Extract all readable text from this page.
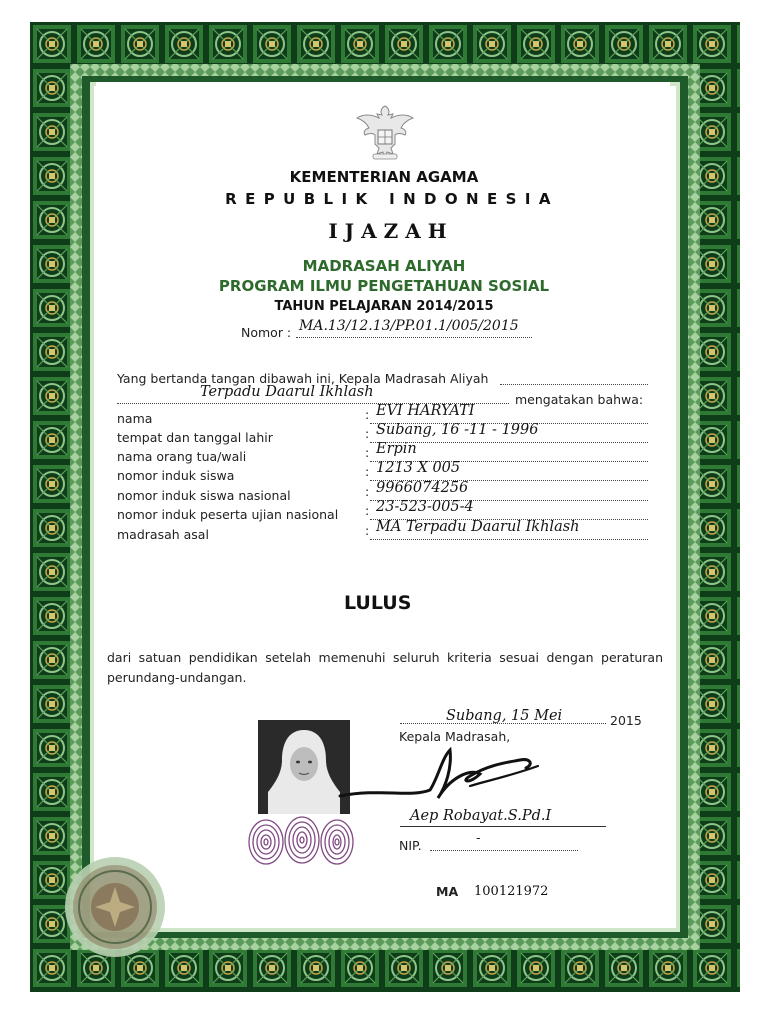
KEMENTERIAN AGAMA
REPUBLIK INDONESIA
IJAZAH
MADRASAH ALIYAH
PROGRAM ILMU PENGETAHUAN SOSIAL
TAHUN PELAJARAN 2014/2015
Nomor : MA.13/12.13/PP.01.1/005/2015
Yang bertanda tangan dibawah ini, Kepala Madrasah Aliyah
Terpadu Daarul Ikhlash	mengatakan bahwa:
nama	: EVI HARYATI
tempat dan tanggal lahir	: Subang, 16 -11 - 1996
nama orang tua/wali	: Erpin
nomor induk siswa	: 1213 X 005
nomor induk siswa nasional	: 9966074256
nomor induk peserta ujian nasional : 23-523-005-4
madrasah asal	: MA Terpadu Daarul Ikhlash
LULUS
dari satuan pendidikan setelah memenuhi seluruh kriteria sesuai dengan peraturan perundang-undangan.
Subang, 15 Mei	2015
Kepala Madrasah,
Aep Robayat.S.Pd.I
NIP.
-
MA 100121972
